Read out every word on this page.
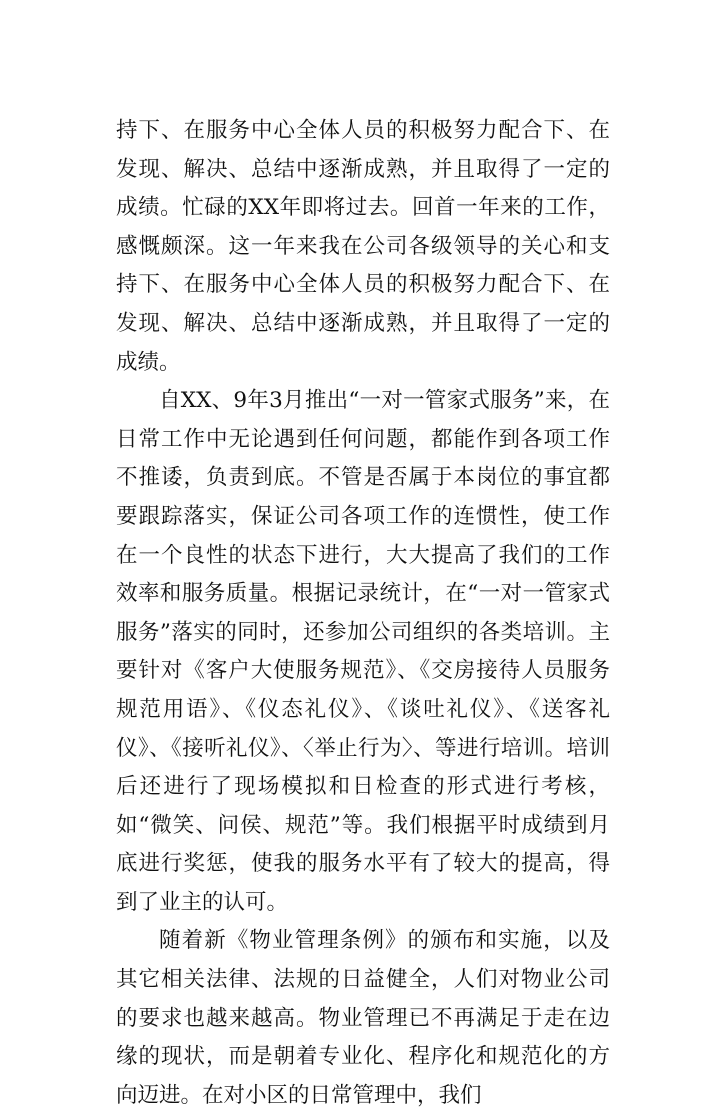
持下、在服务中心全体人员的积极努力配合下、在发现、解决、总结中逐渐成熟，并且取得了一定的成绩。忙碌的XX年即将过去。回首一年来的工作，感慨颇深。这一年来我在公司各级领导的关心和支持下、在服务中心全体人员的积极努力配合下、在发现、解决、总结中逐渐成熟，并且取得了一定的成绩。

自XX、9年3月推出“一对一管家式服务”来，在日常工作中无论遇到任何问题，都能作到各项工作不推诿，负责到底。不管是否属于本岗位的事宜都要跟踪落实，保证公司各项工作的连惯性，使工作在一个良性的状态下进行，大大提高了我们的工作效率和服务质量。根据记录统计，在“一对一管家式服务”落实的同时，还参加公司组织的各类培训。主要针对《客户大使服务规范》、《交房接待人员服务规范用语》、《仪态礼仪》、《谈吐礼仪》、《送客礼仪》、《接听礼仪》、〈举止行为〉、等进行培训。培训后还进行了现场模拟和日检查的形式进行考核，如“微笑、问侯、规范”等。我们根据平时成绩到月底进行奖惩，使我的服务水平有了较大的提高，得到了业主的认可。

随着新《物业管理条例》的颁布和实施，以及其它相关法律、法规的日益健全，人们对物业公司的要求也越来越高。物业管理已不再满足于走在边缘的现状，而是朝着专业化、程序化和规范化的方向迈进。在对小区的日常管理中，我们
